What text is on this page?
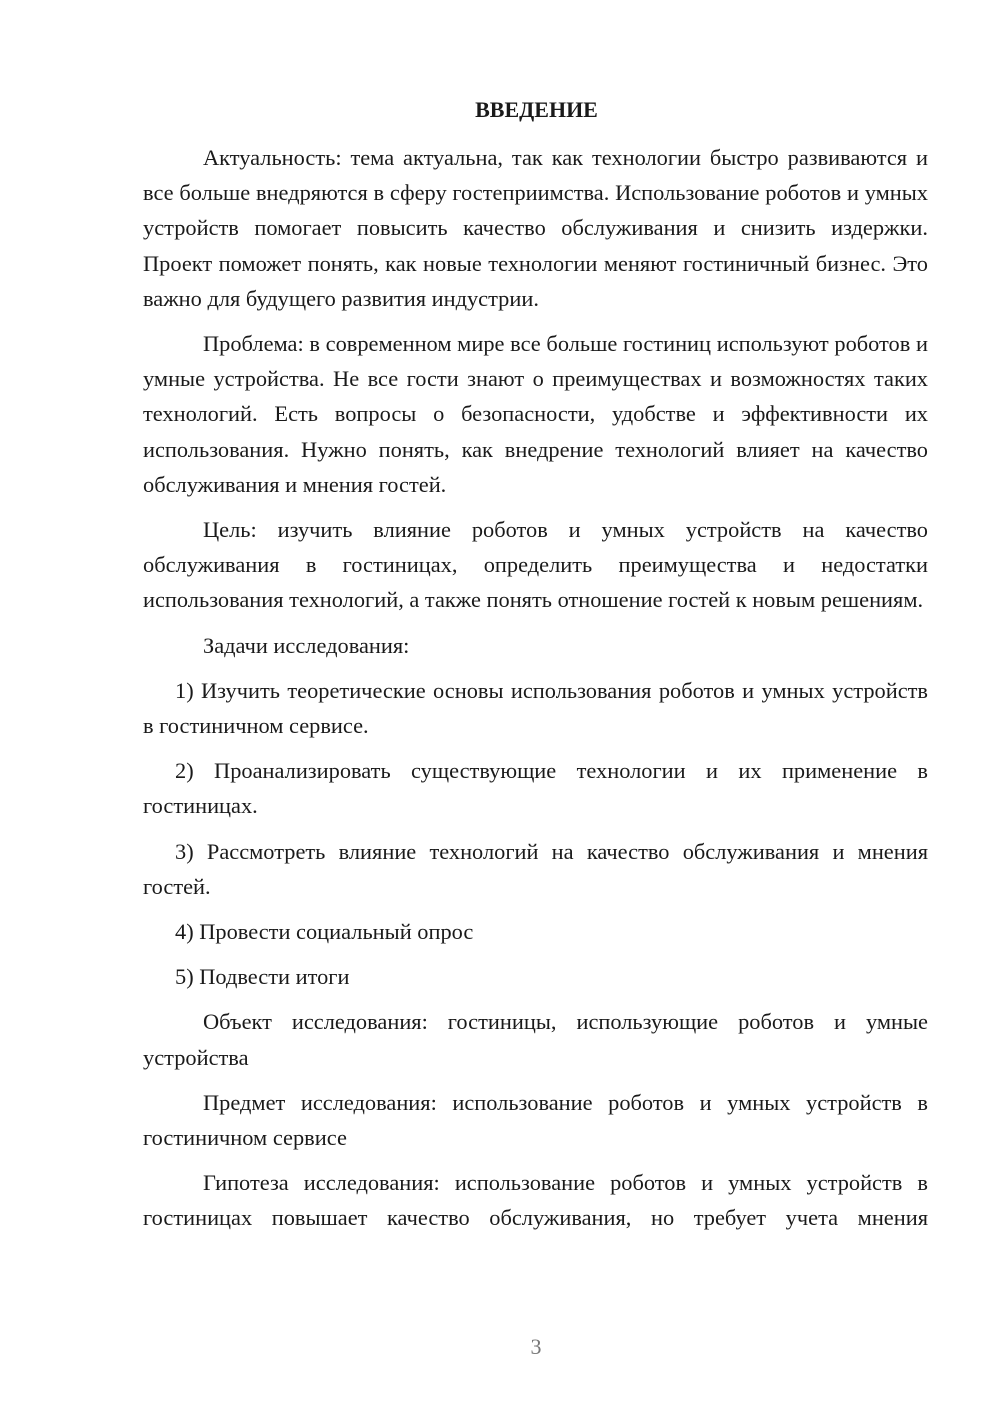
ВВЕДЕНИЕ
Актуальность: тема актуальна, так как технологии быстро развиваются и все больше внедряются в сферу гостеприимства. Использование роботов и умных устройств помогает повысить качество обслуживания и снизить издержки. Проект поможет понять, как новые технологии меняют гостиничный бизнес. Это важно для будущего развития индустрии.
Проблема: в современном мире все больше гостиниц используют роботов и умные устройства. Не все гости знают о преимуществах и возможностях таких технологий. Есть вопросы о безопасности, удобстве и эффективности их использования. Нужно понять, как внедрение технологий влияет на качество обслуживания и мнения гостей.
Цель: изучить влияние роботов и умных устройств на качество обслуживания в гостиницах, определить преимущества и недостатки использования технологий, а также понять отношение гостей к новым решениям.
Задачи исследования:
1) Изучить теоретические основы использования роботов и умных устройств в гостиничном сервисе.
2) Проанализировать существующие технологии и их применение в гостиницах.
3) Рассмотреть влияние технологий на качество обслуживания и мнения гостей.
4) Провести социальный опрос
5) Подвести итоги
Объект исследования: гостиницы, использующие роботов и умные устройства
Предмет исследования: использование роботов и умных устройств в гостиничном сервисе
Гипотеза исследования: использование роботов и умных устройств в гостиницах повышает качество обслуживания, но требует учета мнения
3
